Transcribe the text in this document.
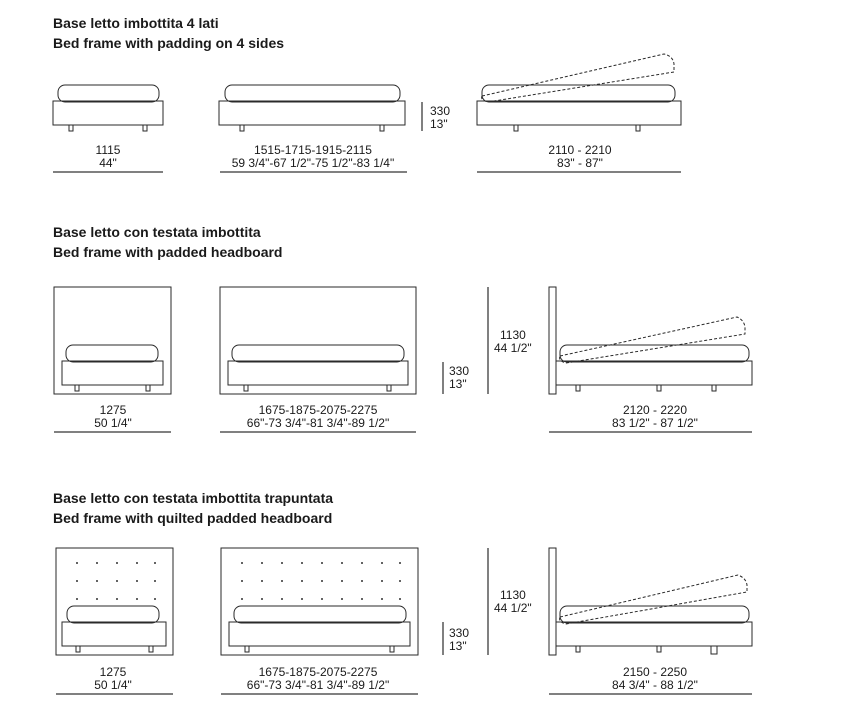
Base letto imbottita 4 lati
Bed frame with padding on 4 sides
1115
44"
1515-1715-1915-2115
59 3/4"-67 1/2"-75 1/2"-83 1/4"
330
13"
2110 - 2210
83" - 87"
Base letto con testata imbottita
Bed frame with padded headboard
1275
50 1/4"
1675-1875-2075-2275
66"-73 3/4"-81 3/4"-89 1/2"
330
13"
1130
44 1/2"
2120 - 2220
83 1/2" - 87 1/2"
Base letto con testata imbottita trapuntata
Bed frame with quilted padded headboard
1275
50 1/4"
1675-1875-2075-2275
66"-73 3/4"-81 3/4"-89 1/2"
330
13"
1130
44 1/2"
2150 - 2250
84 3/4" - 88 1/2"
